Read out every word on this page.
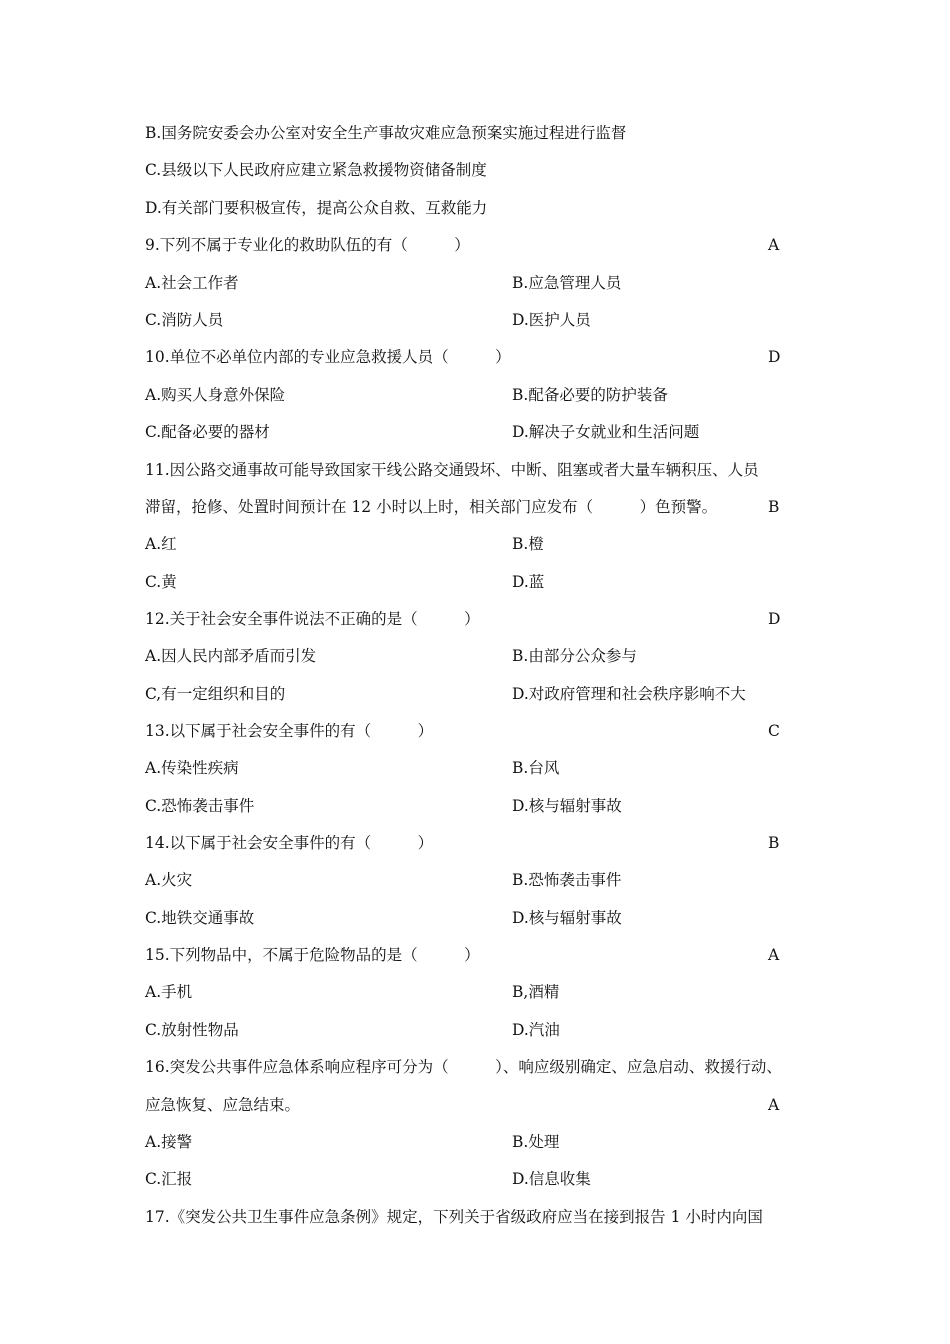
B.国务院安委会办公室对安全生产事故灾难应急预案实施过程进行监督
C.县级以下人民政府应建立紧急救援物资储备制度
D.有关部门要积极宣传，提高公众自救、互救能力
9.下列不属于专业化的救助队伍的有（　　　）	A
A.社会工作者	B.应急管理人员
C.消防人员	D.医护人员
10.单位不必单位内部的专业应急救援人员（　　　）	D
A.购买人身意外保险	B.配备必要的防护装备
C.配备必要的器材	D.解决子女就业和生活问题
11.因公路交通事故可能导致国家干线公路交通毁坏、中断、阻塞或者大量车辆积压、人员
滞留，抢修、处置时间预计在 12 小时以上时，相关部门应发布（　　　）色预警。	B
A.红	B.橙
C.黄	D.蓝
12.关于社会安全事件说法不正确的是（　　　）	D
A.因人民内部矛盾而引发	B.由部分公众参与
C,有一定组织和目的	D.对政府管理和社会秩序影响不大
13.以下属于社会安全事件的有（　　　）	C
A.传染性疾病	B.台风
C.恐怖袭击事件	D.核与辐射事故
14.以下属于社会安全事件的有（　　　）	B
A.火灾	B.恐怖袭击事件
C.地铁交通事故	D.核与辐射事故
15.下列物品中，不属于危险物品的是（　　　）	A
A.手机	B,酒精
C.放射性物品	D.汽油
16.突发公共事件应急体系响应程序可分为（　　　）、响应级别确定、应急启动、救援行动、
应急恢复、应急结束。	A
A.接警	B.处理
C.汇报	D.信息收集
17.《突发公共卫生事件应急条例》规定，下列关于省级政府应当在接到报告 1 小时内向国
